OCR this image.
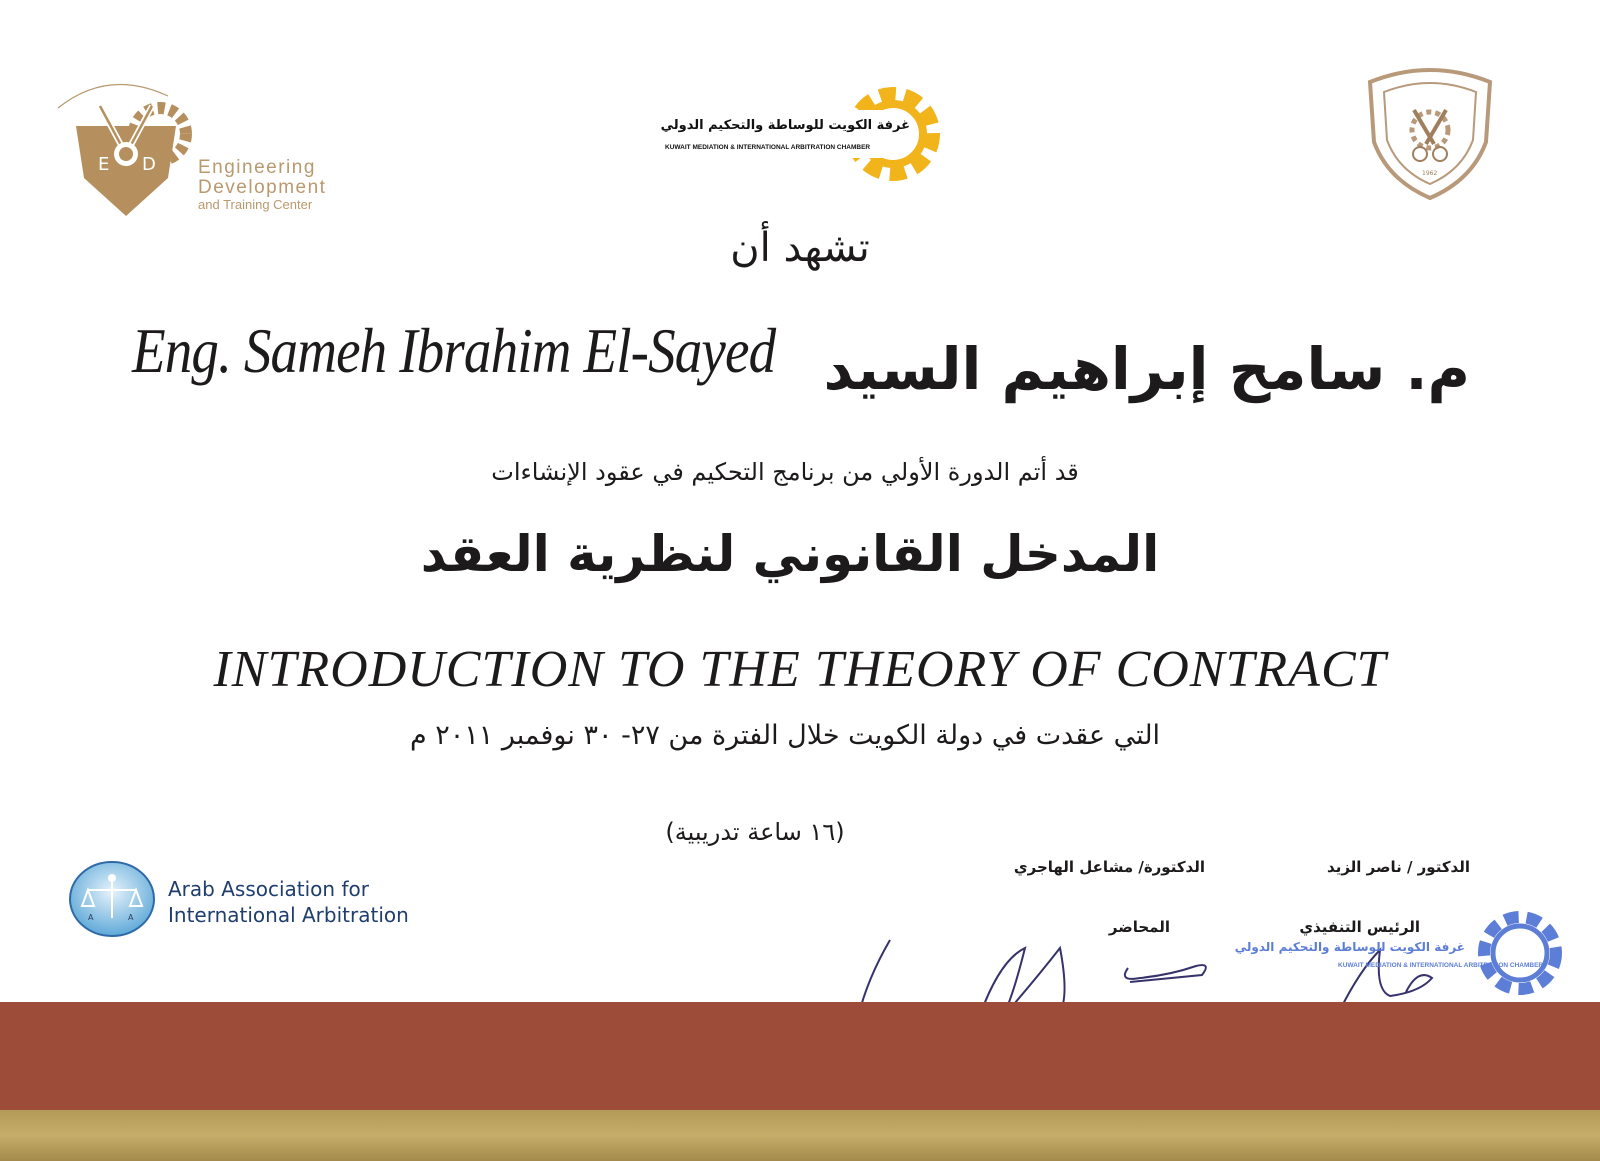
E D Engineering
Development
and Training Center
غرفة الكويت للوساطة والتحكيم الدولي
KUWAIT MEDIATION & INTERNATIONAL ARBITRATION CHAMBER
1962
تشهد أن
Eng. Sameh Ibrahim El-Sayed م. سامح إبراهيم السيد
قد أتم الدورة الأولي من برنامج التحكيم في عقود الإنشاءات
المدخل القانوني لنظرية العقد
INTRODUCTION TO THE THEORY OF CONTRACT
التي عقدت في دولة الكويت خلال الفترة من ٢٧- ٣٠ نوفمبر ٢٠١١ م
(١٦ ساعة تدريبية)
الدكتورة/ مشاعل الهاجري	الدكتور / ناصر الزيد
المحاضر	الرئيس التنفيذي
غرفة الكويت للوساطة والتحكيم الدولي
KUWAIT MEDIATION & INTERNATIONAL ARBITRATION CHAMBER
A	A
Arab Association for
International Arbitration
